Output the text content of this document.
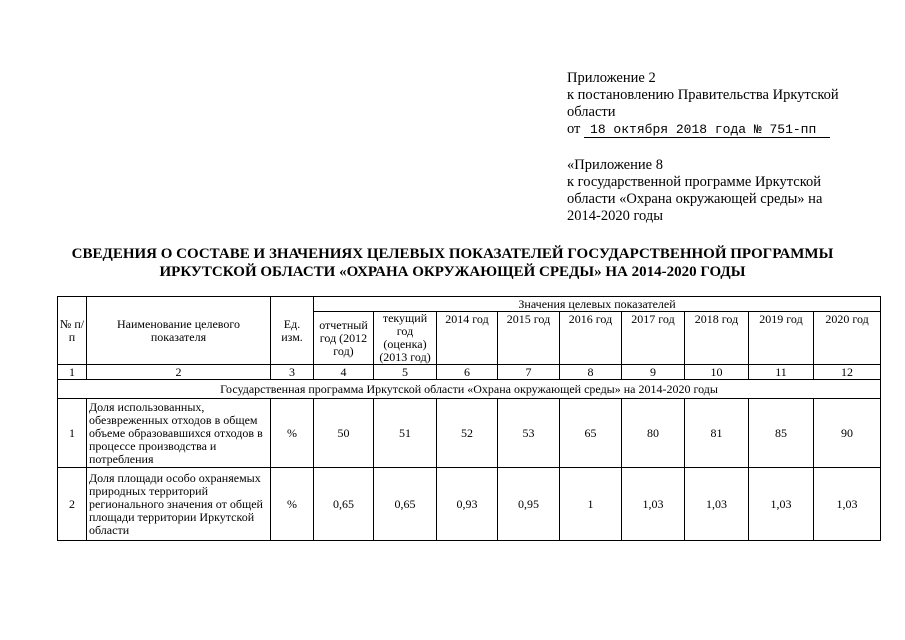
Приложение 2

к постановлению Правительства Иркутской

области

от 18 октября 2018 года № 751-пп

«Приложение 8

к государственной программе Иркутской

области «Охрана окружающей среды» на

2014-2020 годы

СВЕДЕНИЯ О СОСТАВЕ И ЗНАЧЕНИЯХ ЦЕЛЕВЫХ ПОКАЗАТЕЛЕЙ ГОСУДАРСТВЕННОЙ ПРОГРАММЫ
ИРКУТСКОЙ ОБЛАСТИ «ОХРАНА ОКРУЖАЮЩЕЙ СРЕДЫ» НА 2014-2020 ГОДЫ
№ п/ п	Наименование целевого показателя	Ед. изм.	Значения целевых показателей								
			отчетный год (2012 год)	текущий год (оценка) (2013 год)	2014 год	2015 год	2016 год	2017 год	2018 год	2019 год	2020 год
1	2	3	4	5	6	7	8	9	10	11	12
Государственная программа Иркутской области «Охрана окружающей среды» на 2014-2020 годы											
1	Доля использованных, обезвреженных отходов в общем объеме образовавшихся отходов в процессе производства и потребления	%	50	51	52	53	65	80	81	85	90
2	Доля площади особо охраняемых природных территорий регионального значения от общей площади территории Иркутской области	%	0,65	0,65	0,93	0,95	1	1,03	1,03	1,03	1,03
